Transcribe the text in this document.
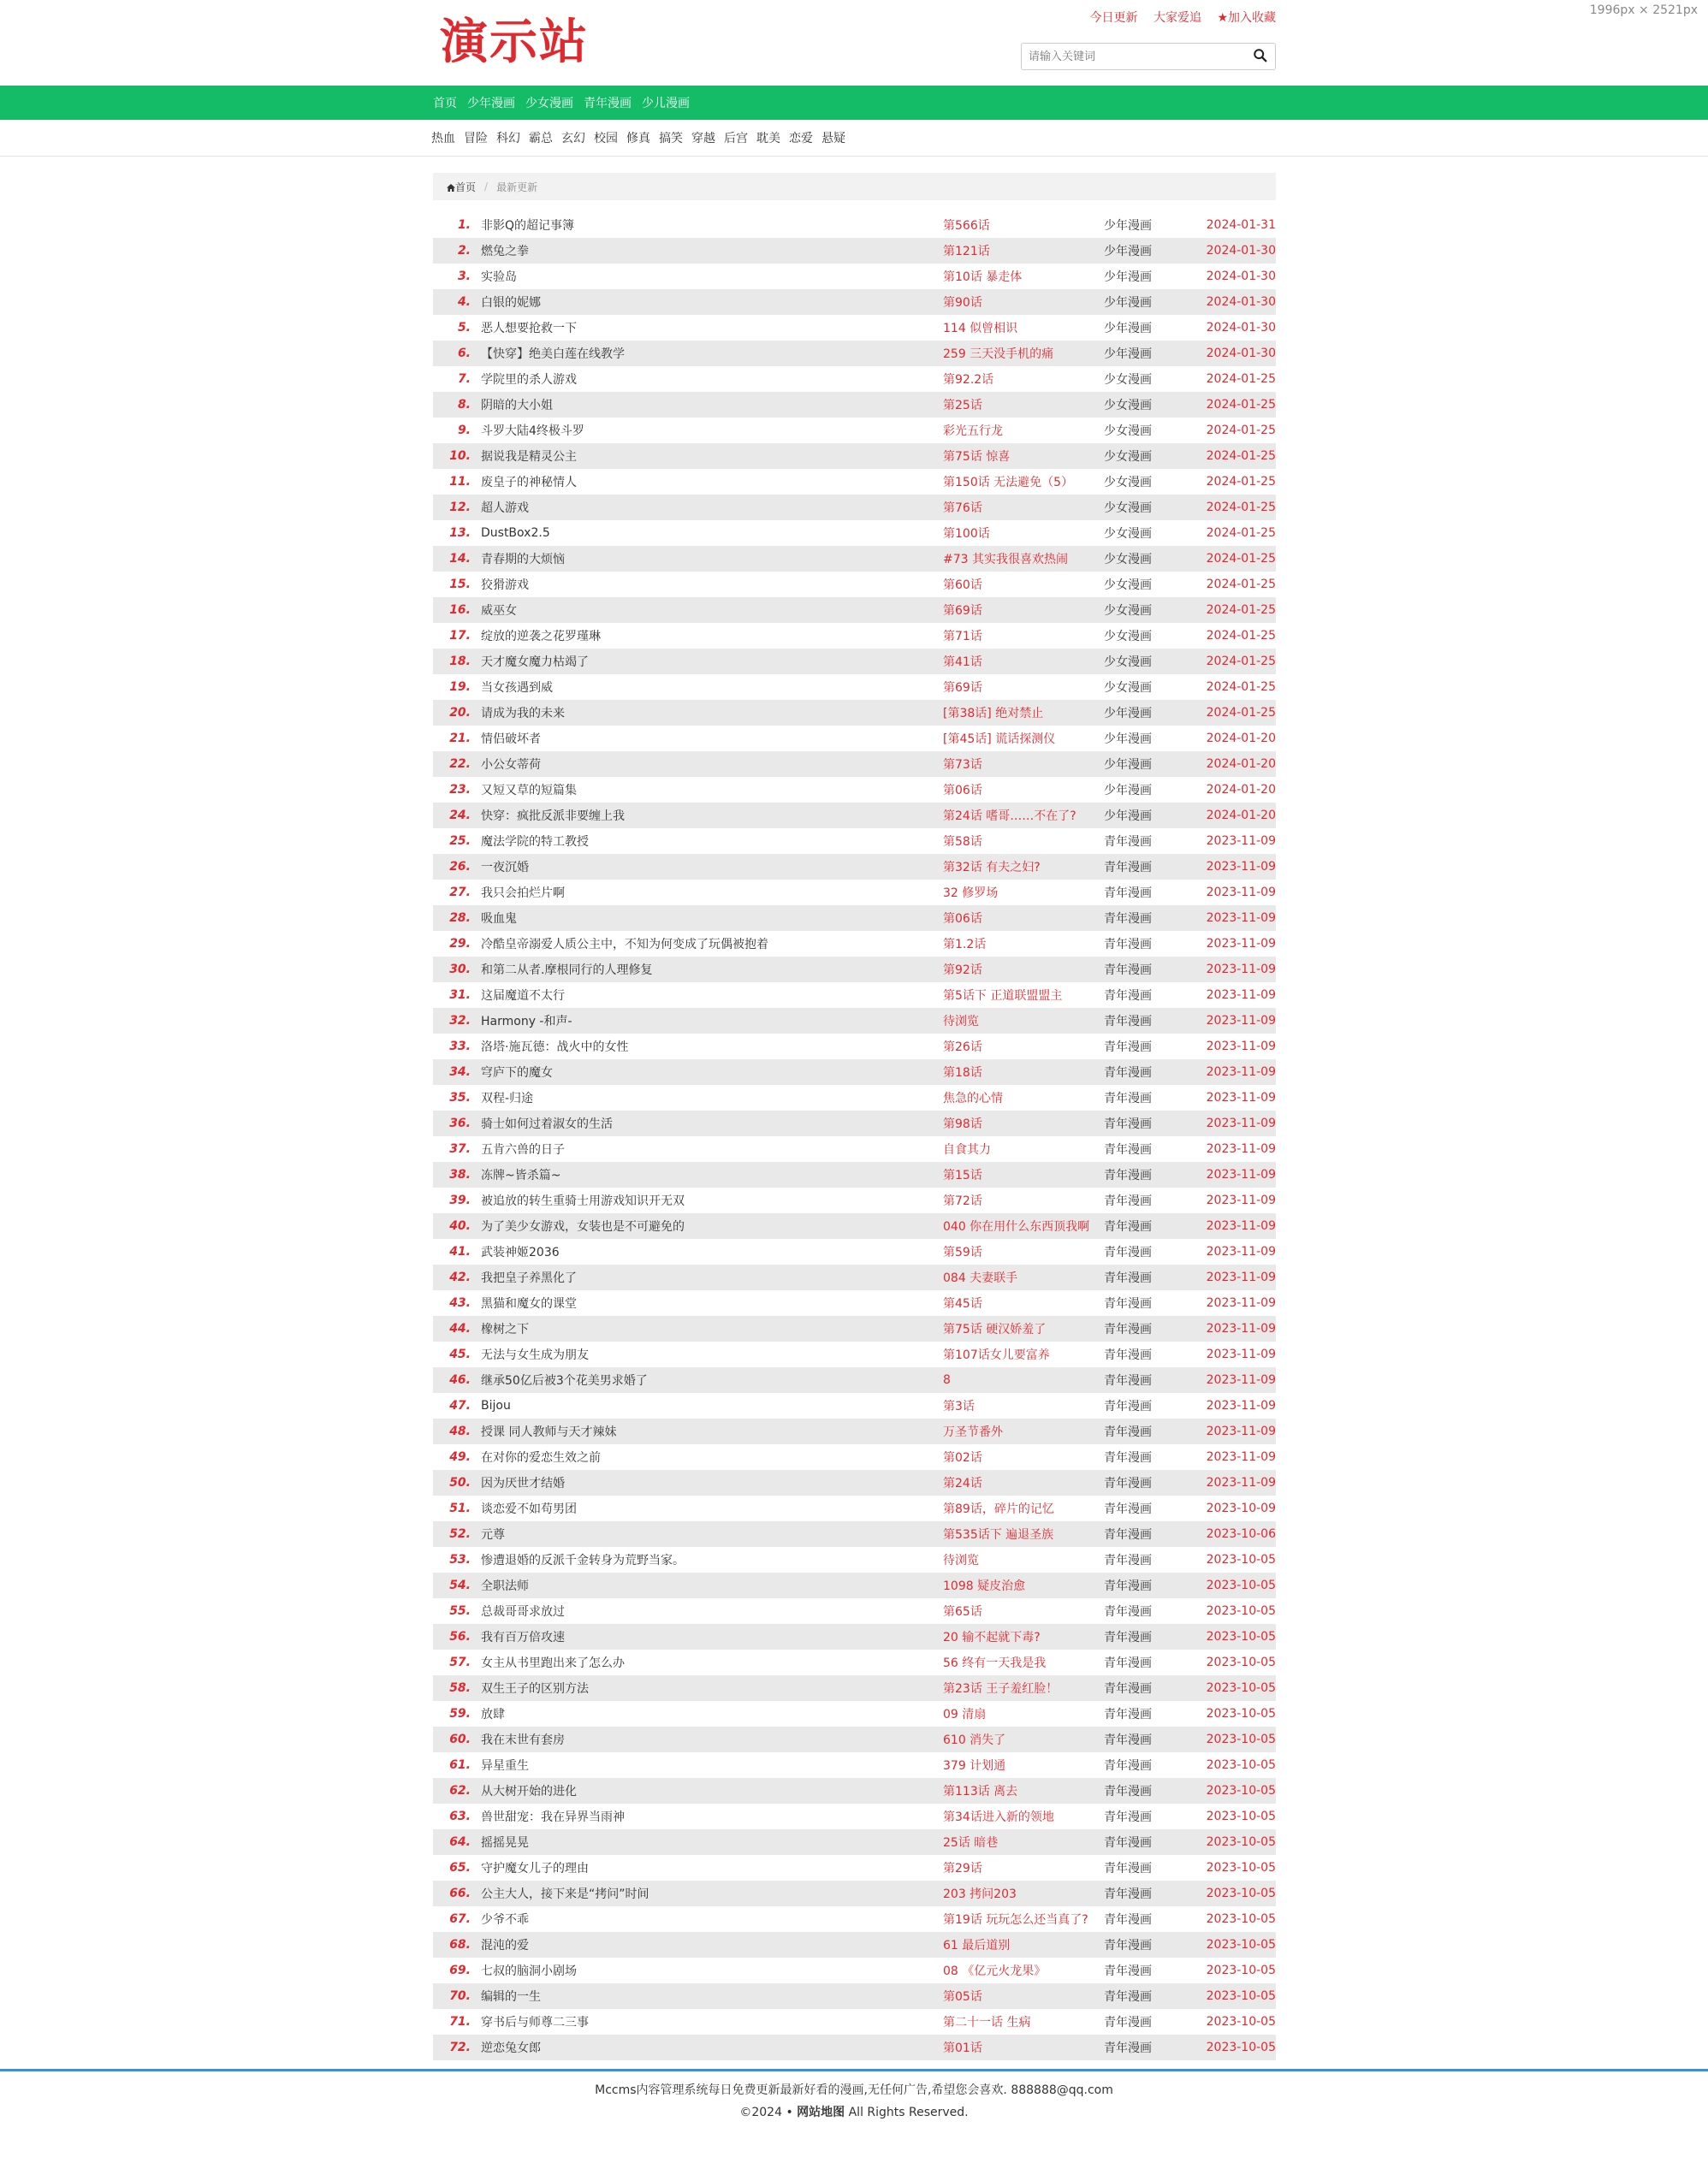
1996px × 2521px
演示站	今日更新 大家爱追 ★加入收藏
请输入关键词
首页 少年漫画 少女漫画 青年漫画 少儿漫画
热血 冒险 科幻 霸总 玄幻 校园 修真 搞笑 穿越 后宫 耽美 恋爱 悬疑
首页 / 最新更新
1. 非影Q的超记事簿	第566话	少年漫画	2024-01-31
2. 燃兔之拳	第121话	少年漫画	2024-01-30
3. 实验岛	第10话 暴走体	少年漫画	2024-01-30
4. 白银的妮娜	第90话	少年漫画	2024-01-30
5. 恶人想要抢救一下	114 似曾相识	少年漫画	2024-01-30
6. 【快穿】绝美白莲在线教学	259 三天没手机的痛	少年漫画	2024-01-30
7. 学院里的杀人游戏	第92.2话	少女漫画	2024-01-25
8. 阴暗的大小姐	第25话	少女漫画	2024-01-25
9. 斗罗大陆4终极斗罗	彩光五行龙	少女漫画	2024-01-25
10. 据说我是精灵公主	第75话 惊喜	少女漫画	2024-01-25
11. 废皇子的神秘情人	第150话 无法避免（5）	少女漫画	2024-01-25
12. 超人游戏	第76话	少女漫画	2024-01-25
13. DustBox2.5	第100话	少女漫画	2024-01-25
14. 青春期的大烦恼	#73 其实我很喜欢热闹	少女漫画	2024-01-25
15. 狡猾游戏	第60话	少女漫画	2024-01-25
16. 威巫女	第69话	少女漫画	2024-01-25
17. 绽放的逆袭之花罗瑾琳	第71话	少女漫画	2024-01-25
18. 天才魔女魔力枯竭了	第41话	少女漫画	2024-01-25
19. 当女孩遇到威	第69话	少女漫画	2024-01-25
20. 请成为我的未来	[第38话] 绝对禁止	少年漫画	2024-01-25
21. 情侣破坏者	[第45话] 谎话探测仪	少年漫画	2024-01-20
22. 小公女蒂荷	第73话	少年漫画	2024-01-20
23. 又短又草的短篇集	第06话	少年漫画	2024-01-20
24. 快穿：疯批反派非要缠上我	第24话 嗜哥……不在了?	少年漫画	2024-01-20
25. 魔法学院的特工教授	第58话	青年漫画	2023-11-09
26. 一夜沉婚	第32话 有夫之妇?	青年漫画	2023-11-09
27. 我只会拍烂片啊	32 修罗场	青年漫画	2023-11-09
28. 吸血鬼	第06话	青年漫画	2023-11-09
29. 冷酷皇帝溺爱人质公主中，不知为何变成了玩偶被抱着	第1.2话	青年漫画	2023-11-09
30. 和第二从者.摩根同行的人理修复	第92话	青年漫画	2023-11-09
31. 这届魔道不太行	第5话下 正道联盟盟主	青年漫画	2023-11-09
32. Harmony -和声-	待浏览	青年漫画	2023-11-09
33. 洛塔·施瓦德：战火中的女性	第26话	青年漫画	2023-11-09
34. 穹庐下的魔女	第18话	青年漫画	2023-11-09
35. 双程-归途	焦急的心情	青年漫画	2023-11-09
36. 骑士如何过着淑女的生活	第98话	青年漫画	2023-11-09
37. 五肯六兽的日子	自食其力	青年漫画	2023-11-09
38. 冻牌~皆杀篇~	第15话	青年漫画	2023-11-09
39. 被追放的转生重骑士用游戏知识开无双	第72话	青年漫画	2023-11-09
40. 为了美少女游戏，女装也是不可避免的	040 你在用什么东西顶我啊	青年漫画	2023-11-09
41. 武装神姬2036	第59话	青年漫画	2023-11-09
42. 我把皇子养黑化了	084 夫妻联手	青年漫画	2023-11-09
43. 黑猫和魔女的课堂	第45话	青年漫画	2023-11-09
44. 橡树之下	第75话 硬汉娇羞了	青年漫画	2023-11-09
45. 无法与女生成为朋友	第107话女儿要富养	青年漫画	2023-11-09
46. 继承50亿后被3个花美男求婚了	8	青年漫画	2023-11-09
47. Bijou	第3话	青年漫画	2023-11-09
48. 授课 同人教师与天才辣妹	万圣节番外	青年漫画	2023-11-09
49. 在对你的爱恋生效之前	第02话	青年漫画	2023-11-09
50. 因为厌世才结婚	第24话	青年漫画	2023-11-09
51. 谈恋爱不如苟男团	第89话，碎片的记忆	青年漫画	2023-10-09
52. 元尊	第535话下 遍退圣族	青年漫画	2023-10-06
53. 惨遭退婚的反派千金转身为荒野当家。	待浏览	青年漫画	2023-10-05
54. 全职法师	1098 疑皮治愈	青年漫画	2023-10-05
55. 总裁哥哥求放过	第65话	青年漫画	2023-10-05
56. 我有百万倍攻速	20 输不起就下毒?	青年漫画	2023-10-05
57. 女主从书里跑出来了怎么办	56 终有一天我是我	青年漫画	2023-10-05
58. 双生王子的区别方法	第23话 王子羞红脸！	青年漫画	2023-10-05
59. 放肆	09 清扇	青年漫画	2023-10-05
60. 我在末世有套房	610 消失了	青年漫画	2023-10-05
61. 异星重生	379 计划通	青年漫画	2023-10-05
62. 从大树开始的进化	第113话 离去	青年漫画	2023-10-05
63. 兽世甜宠：我在异界当雨神	第34话进入新的领地	青年漫画	2023-10-05
64. 摇摇晃晃	25话 暗巷	青年漫画	2023-10-05
65. 守护魔女儿子的理由	第29话	青年漫画	2023-10-05
66. 公主大人，接下来是“拷问”时间	203 拷问203	青年漫画	2023-10-05
67. 少爷不乖	第19话 玩玩怎么还当真了?	青年漫画	2023-10-05
68. 混沌的爱	61 最后道别	青年漫画	2023-10-05
69. 七叔的脑洞小剧场	08 《亿元火龙果》	青年漫画	2023-10-05
70. 编辑的一生	第05话	青年漫画	2023-10-05
71. 穿书后与师尊二三事	第二十一话 生病	青年漫画	2023-10-05
72. 逆恋兔女郎	第01话	青年漫画	2023-10-05
Mccms内容管理系统每日免费更新最新好看的漫画,无任何广告,希望您会喜欢. 888888@qq.com
©2024 • 网站地图 All Rights Reserved.
